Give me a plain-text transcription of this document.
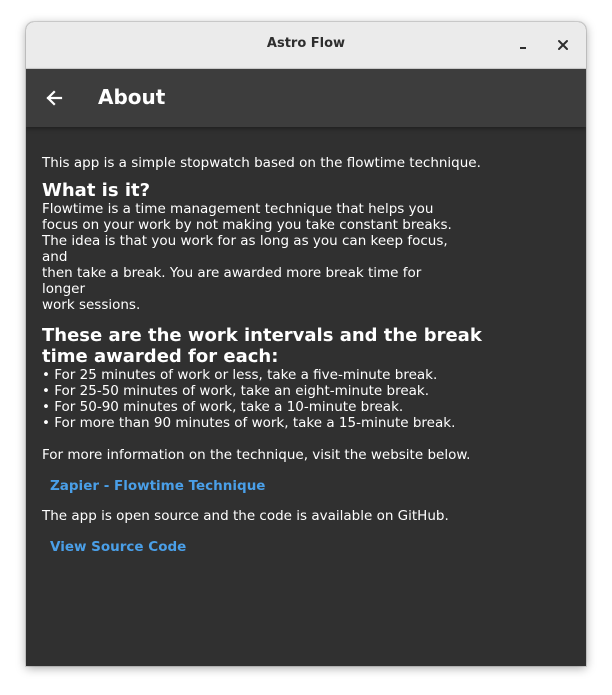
Astro Flow
About

This app is a simple stopwatch based on the flowtime technique.

What is it?
Flowtime is a time management technique that helps you
focus on your work by not making you take constant breaks.
The idea is that you work for as long as you can keep focus, and
then take a break. You are awarded more break time for longer
work sessions.
These are the work intervals and the break time awarded for each:
• For 25 minutes of work or less, take a five-minute break.
• For 25-50 minutes of work, take an eight-minute break.
• For 50-90 minutes of work, take a 10-minute break.
• For more than 90 minutes of work, take a 15-minute break.

For more information on the technique, visit the website below.

Zapier - Flowtime Technique

The app is open source and the code is available on GitHub.

View Source Code
